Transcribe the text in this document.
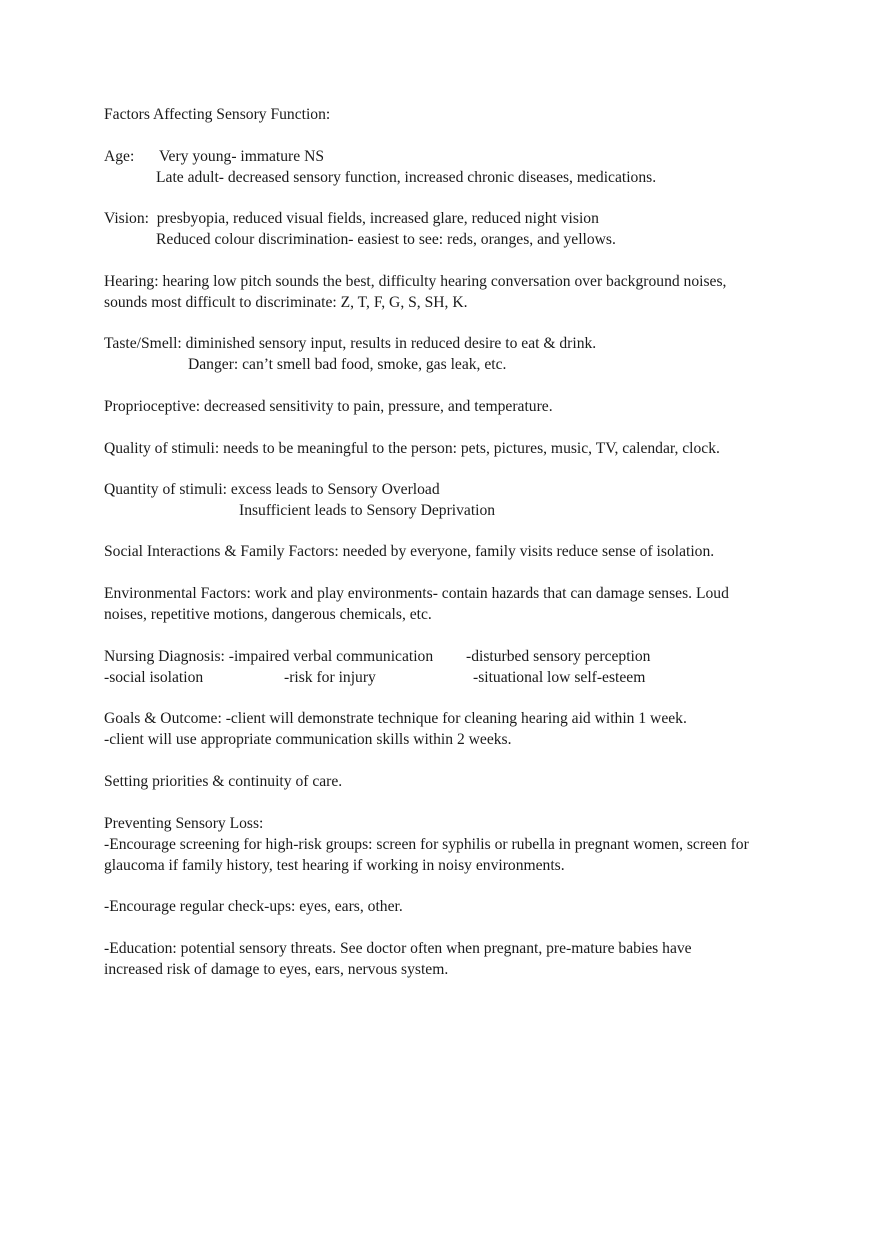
Factors Affecting Sensory Function:
Age: Very young- immature NS
Late adult- decreased sensory function, increased chronic diseases, medications.
Vision:  presbyopia, reduced visual fields, increased glare, reduced night vision
Reduced colour discrimination- easiest to see: reds, oranges, and yellows.
Hearing: hearing low pitch sounds the best, difficulty hearing conversation over background noises,
sounds most difficult to discriminate: Z, T, F, G, S, SH, K.
Taste/Smell: diminished sensory input, results in reduced desire to eat & drink.
Danger: can’t smell bad food, smoke, gas leak, etc.
Proprioceptive: decreased sensitivity to pain, pressure, and temperature.
Quality of stimuli: needs to be meaningful to the person: pets, pictures, music, TV, calendar, clock.
Quantity of stimuli: excess leads to Sensory Overload
Insufficient leads to Sensory Deprivation
Social Interactions & Family Factors: needed by everyone, family visits reduce sense of isolation.
Environmental Factors: work and play environments- contain hazards that can damage senses. Loud
noises, repetitive motions, dangerous chemicals, etc.
Nursing Diagnosis: -impaired verbal communication -disturbed sensory perception
-social isolation	-risk for injury	-situational low self-esteem
Goals & Outcome: -client will demonstrate technique for cleaning hearing aid within 1 week.
-client will use appropriate communication skills within 2 weeks.
Setting priorities & continuity of care.
Preventing Sensory Loss:
-Encourage screening for high-risk groups: screen for syphilis or rubella in pregnant women, screen for
glaucoma if family history, test hearing if working in noisy environments.
-Encourage regular check-ups: eyes, ears, other.
-Education: potential sensory threats. See doctor often when pregnant, pre-mature babies have
increased risk of damage to eyes, ears, nervous system.
